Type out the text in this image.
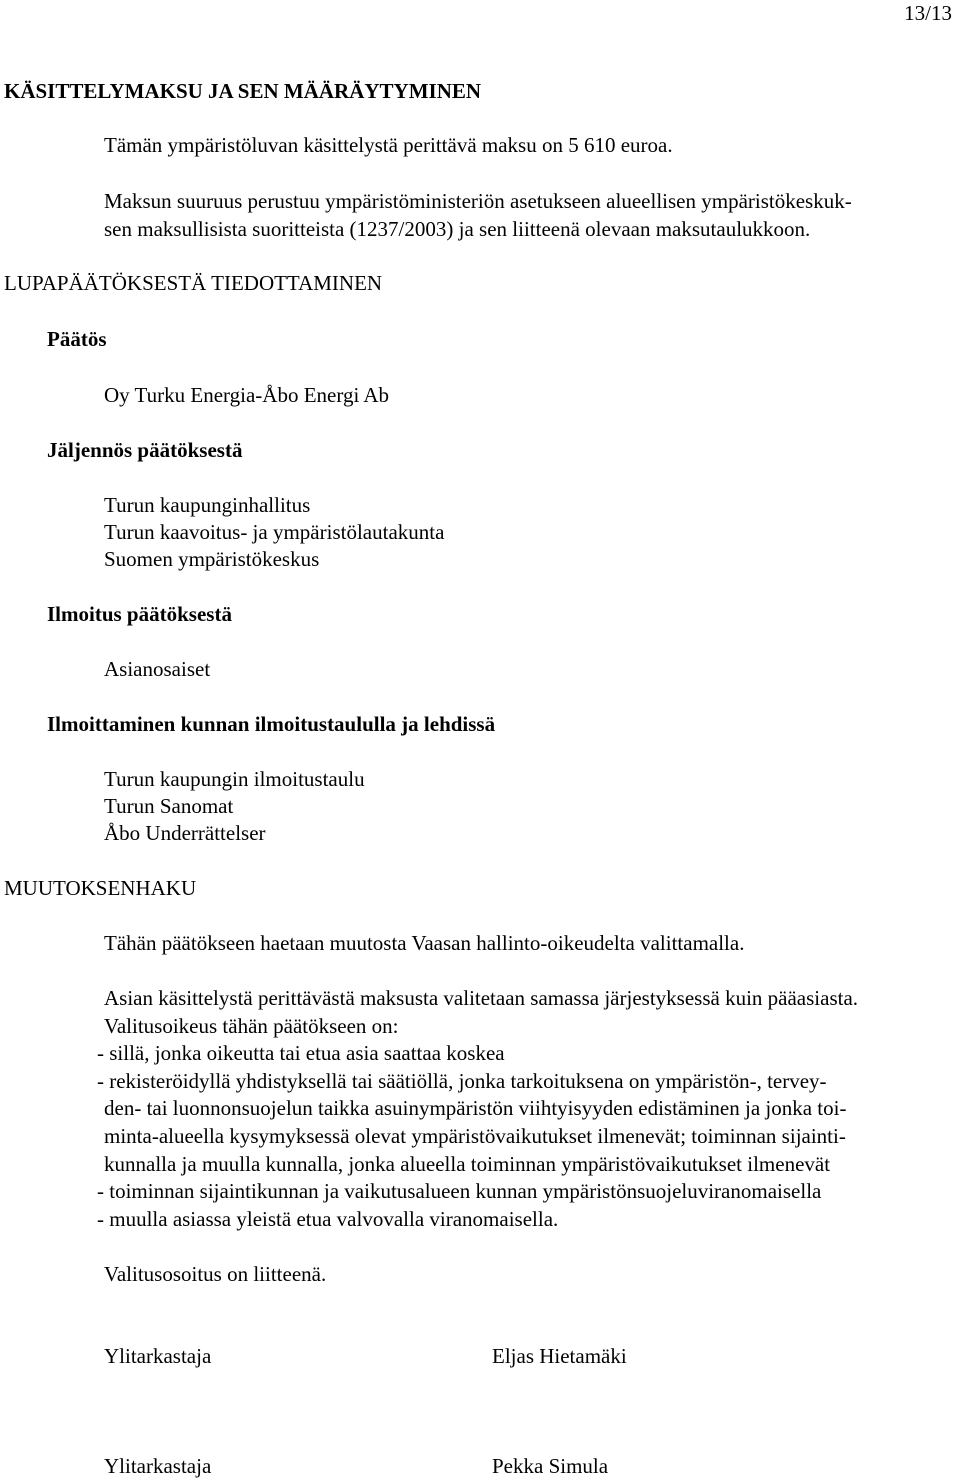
13/13
KÄSITTELYMAKSU JA SEN MÄÄRÄYTYMINEN

Tämän ympäristöluvan käsittelystä perittävä maksu on 5 610 euroa.

Maksun suuruus perustuu ympäristöministeriön asetukseen alueellisen ympäristökeskuk-

sen maksullisista suoritteista (1237/2003) ja sen liitteenä olevaan maksutaulukkoon.

LUPAPÄÄTÖKSESTÄ TIEDOTTAMINEN
Päätös

Oy Turku Energia-Åbo Energi Ab

Jäljennös päätöksestä

Turun kaupunginhallitus

Turun kaavoitus- ja ympäristölautakunta

Suomen ympäristökeskus

Ilmoitus päätöksestä

Asianosaiset

Ilmoittaminen kunnan ilmoitustaululla ja lehdissä

Turun kaupungin ilmoitustaulu

Turun Sanomat

Åbo Underrättelser

MUUTOKSENHAKU

Tähän päätökseen haetaan muutosta Vaasan hallinto-oikeudelta valittamalla.

Asian käsittelystä perittävästä maksusta valitetaan samassa järjestyksessä kuin pääasiasta.

Valitusoikeus tähän päätökseen on:

- sillä, jonka oikeutta tai etua asia saattaa koskea

- rekisteröidyllä yhdistyksellä tai säätiöllä, jonka tarkoituksena on ympäristön-, tervey-

den- tai luonnonsuojelun taikka asuinympäristön viihtyisyyden edistäminen ja jonka toi-

minta-alueella kysymyksessä olevat ympäristövaikutukset ilmenevät; toiminnan sijainti-

kunnalla ja muulla kunnalla, jonka alueella toiminnan ympäristövaikutukset ilmenevät

- toiminnan sijaintikunnan ja vaikutusalueen kunnan ympäristönsuojeluviranomaisella

- muulla asiassa yleistä etua valvovalla viranomaisella.

Valitusosoitus on liitteenä.

Ylitarkastaja	Eljas Hietamäki

Ylitarkastaja	Pekka Simula
